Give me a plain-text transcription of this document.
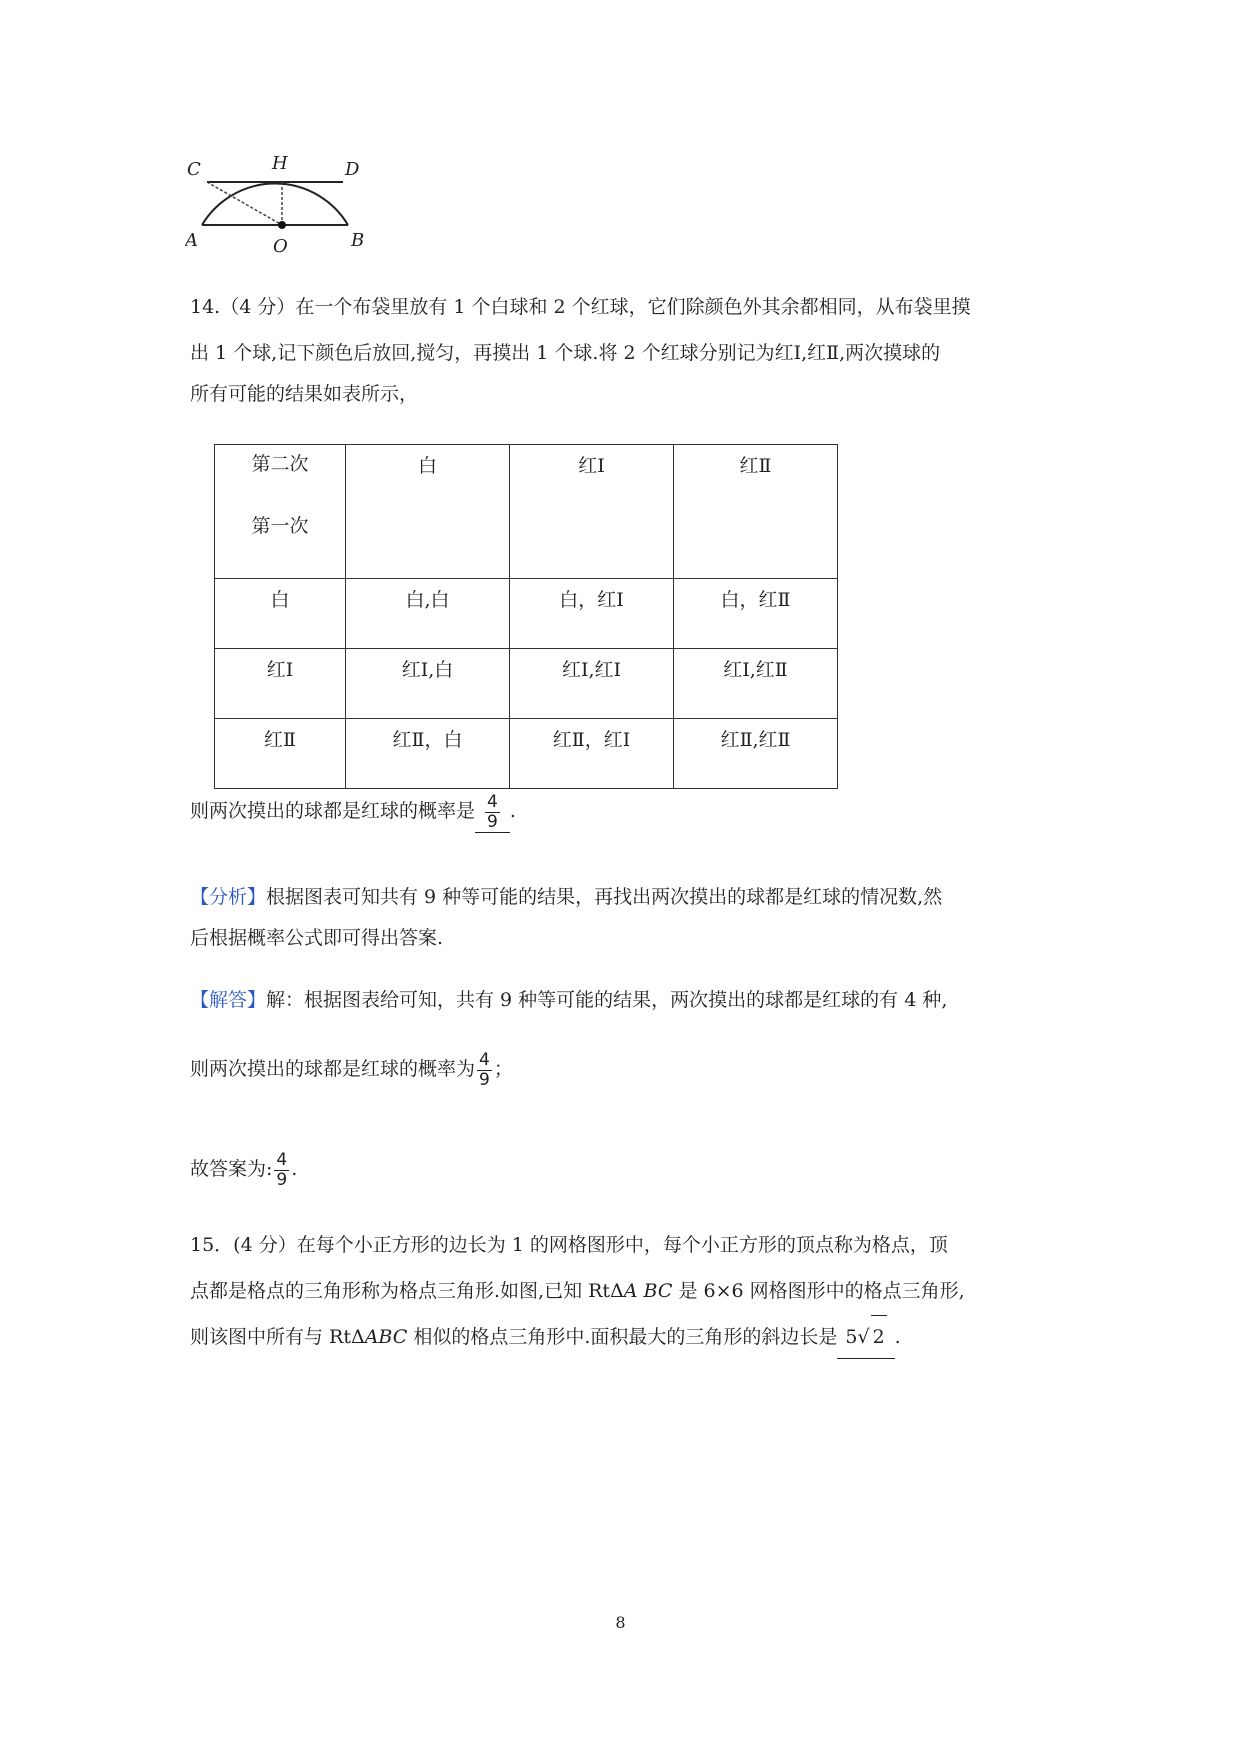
C	H	D
A	O	B
14.（4 分）在一个布袋里放有 1 个白球和 2 个红球，它们除颜色外其余都相同，从布袋里摸
出 1 个球,记下颜色后放回,搅匀，再摸出 1 个球.将 2 个红球分别记为红Ⅰ,红Ⅱ,两次摸球的
所有可能的结果如表所示，
第二次
第一次	白	红Ⅰ	红Ⅱ
白	白,白	白，红Ⅰ	白，红Ⅱ
红Ⅰ	红Ⅰ,白	红Ⅰ,红Ⅰ	红Ⅰ,红Ⅱ
红Ⅱ	红Ⅱ，白	红Ⅱ，红Ⅰ	红Ⅱ,红Ⅱ
则两次摸出的球都是红球的概率是 $\frac{4}{9}$ .
【分析】根据图表可知共有 9 种等可能的结果，再找出两次摸出的球都是红球的情况数,然
后根据概率公式即可得出答案.
【解答】解：根据图表给可知，共有 9 种等可能的结果，两次摸出的球都是红球的有 4 种,
则两次摸出的球都是红球的概率为 $\frac{4}{9}$ ；
故答案为: $\frac{4}{9}$ .
15．(4 分）在每个小正方形的边长为 1 的网格图形中，每个小正方形的顶点称为格点，顶
点都是格点的三角形称为格点三角形.如图,已知 RtΔA BC 是 6×6 网格图形中的格点三角形,
则该图中所有与 RtΔABC 相似的格点三角形中.面积最大的三角形的斜边长是 5√ 2 .
8
